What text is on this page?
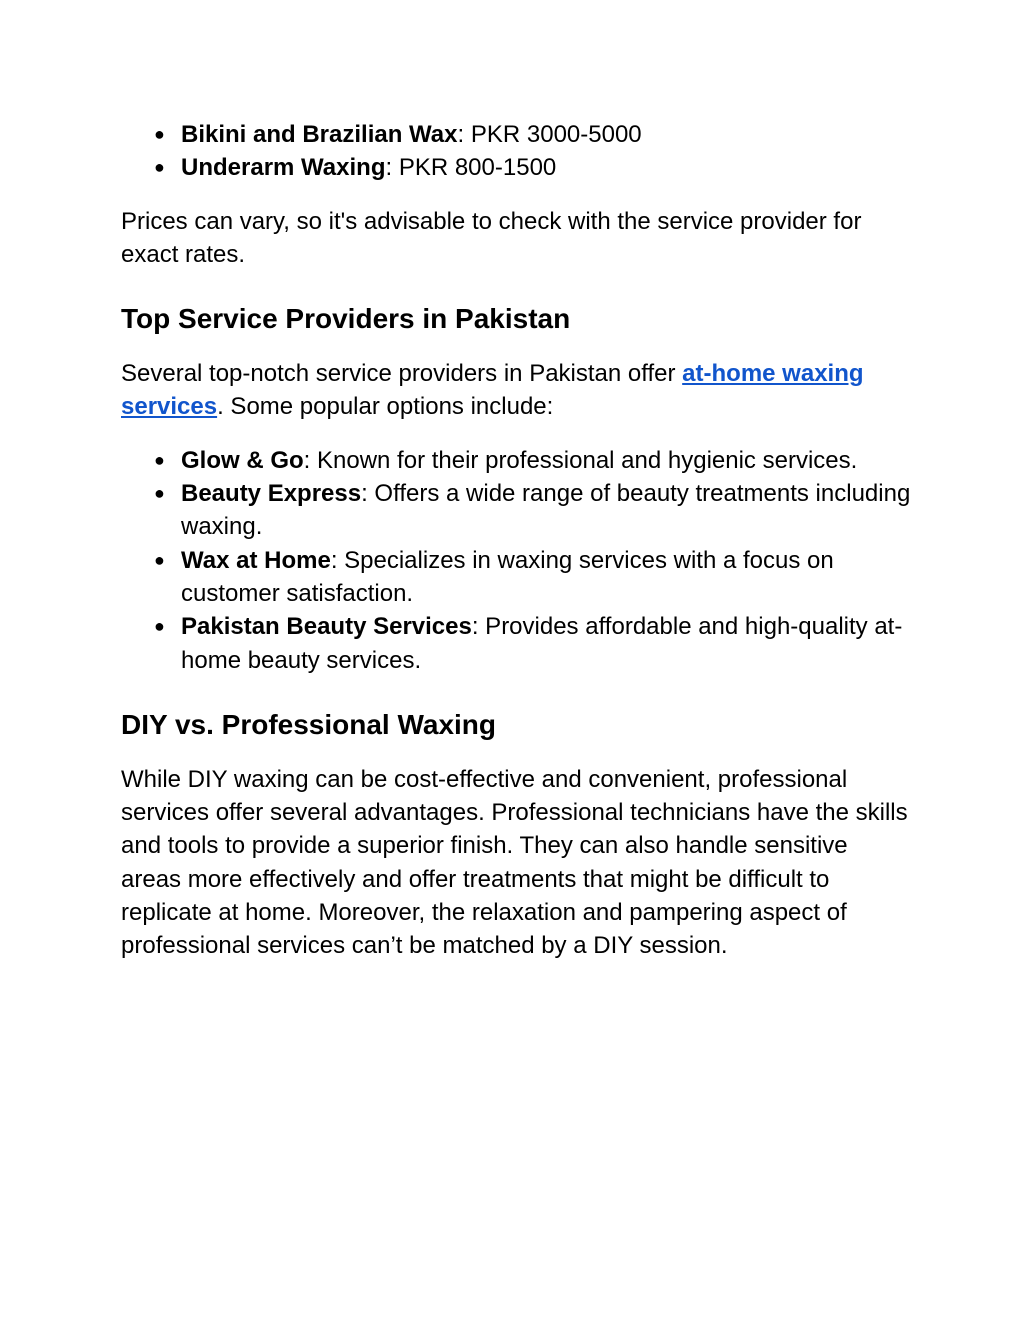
● Bikini and Brazilian Wax: PKR 3000-5000
● Underarm Waxing: PKR 800-1500

Prices can vary, so it's advisable to check with the service provider for exact rates.

Top Service Providers in Pakistan

Several top-notch service providers in Pakistan offer at-home waxing services. Some popular options include:

● Glow & Go: Known for their professional and hygienic services.
● Beauty Express: Offers a wide range of beauty treatments including waxing.
● Wax at Home: Specializes in waxing services with a focus on customer satisfaction.
● Pakistan Beauty Services: Provides affordable and high-quality at-home beauty services.
DIY vs. Professional Waxing

While DIY waxing can be cost-effective and convenient, professional services offer several advantages. Professional technicians have the skills and tools to provide a superior finish. They can also handle sensitive areas more effectively and offer treatments that might be difficult to replicate at home. Moreover, the relaxation and pampering aspect of professional services can’t be matched by a DIY session.
